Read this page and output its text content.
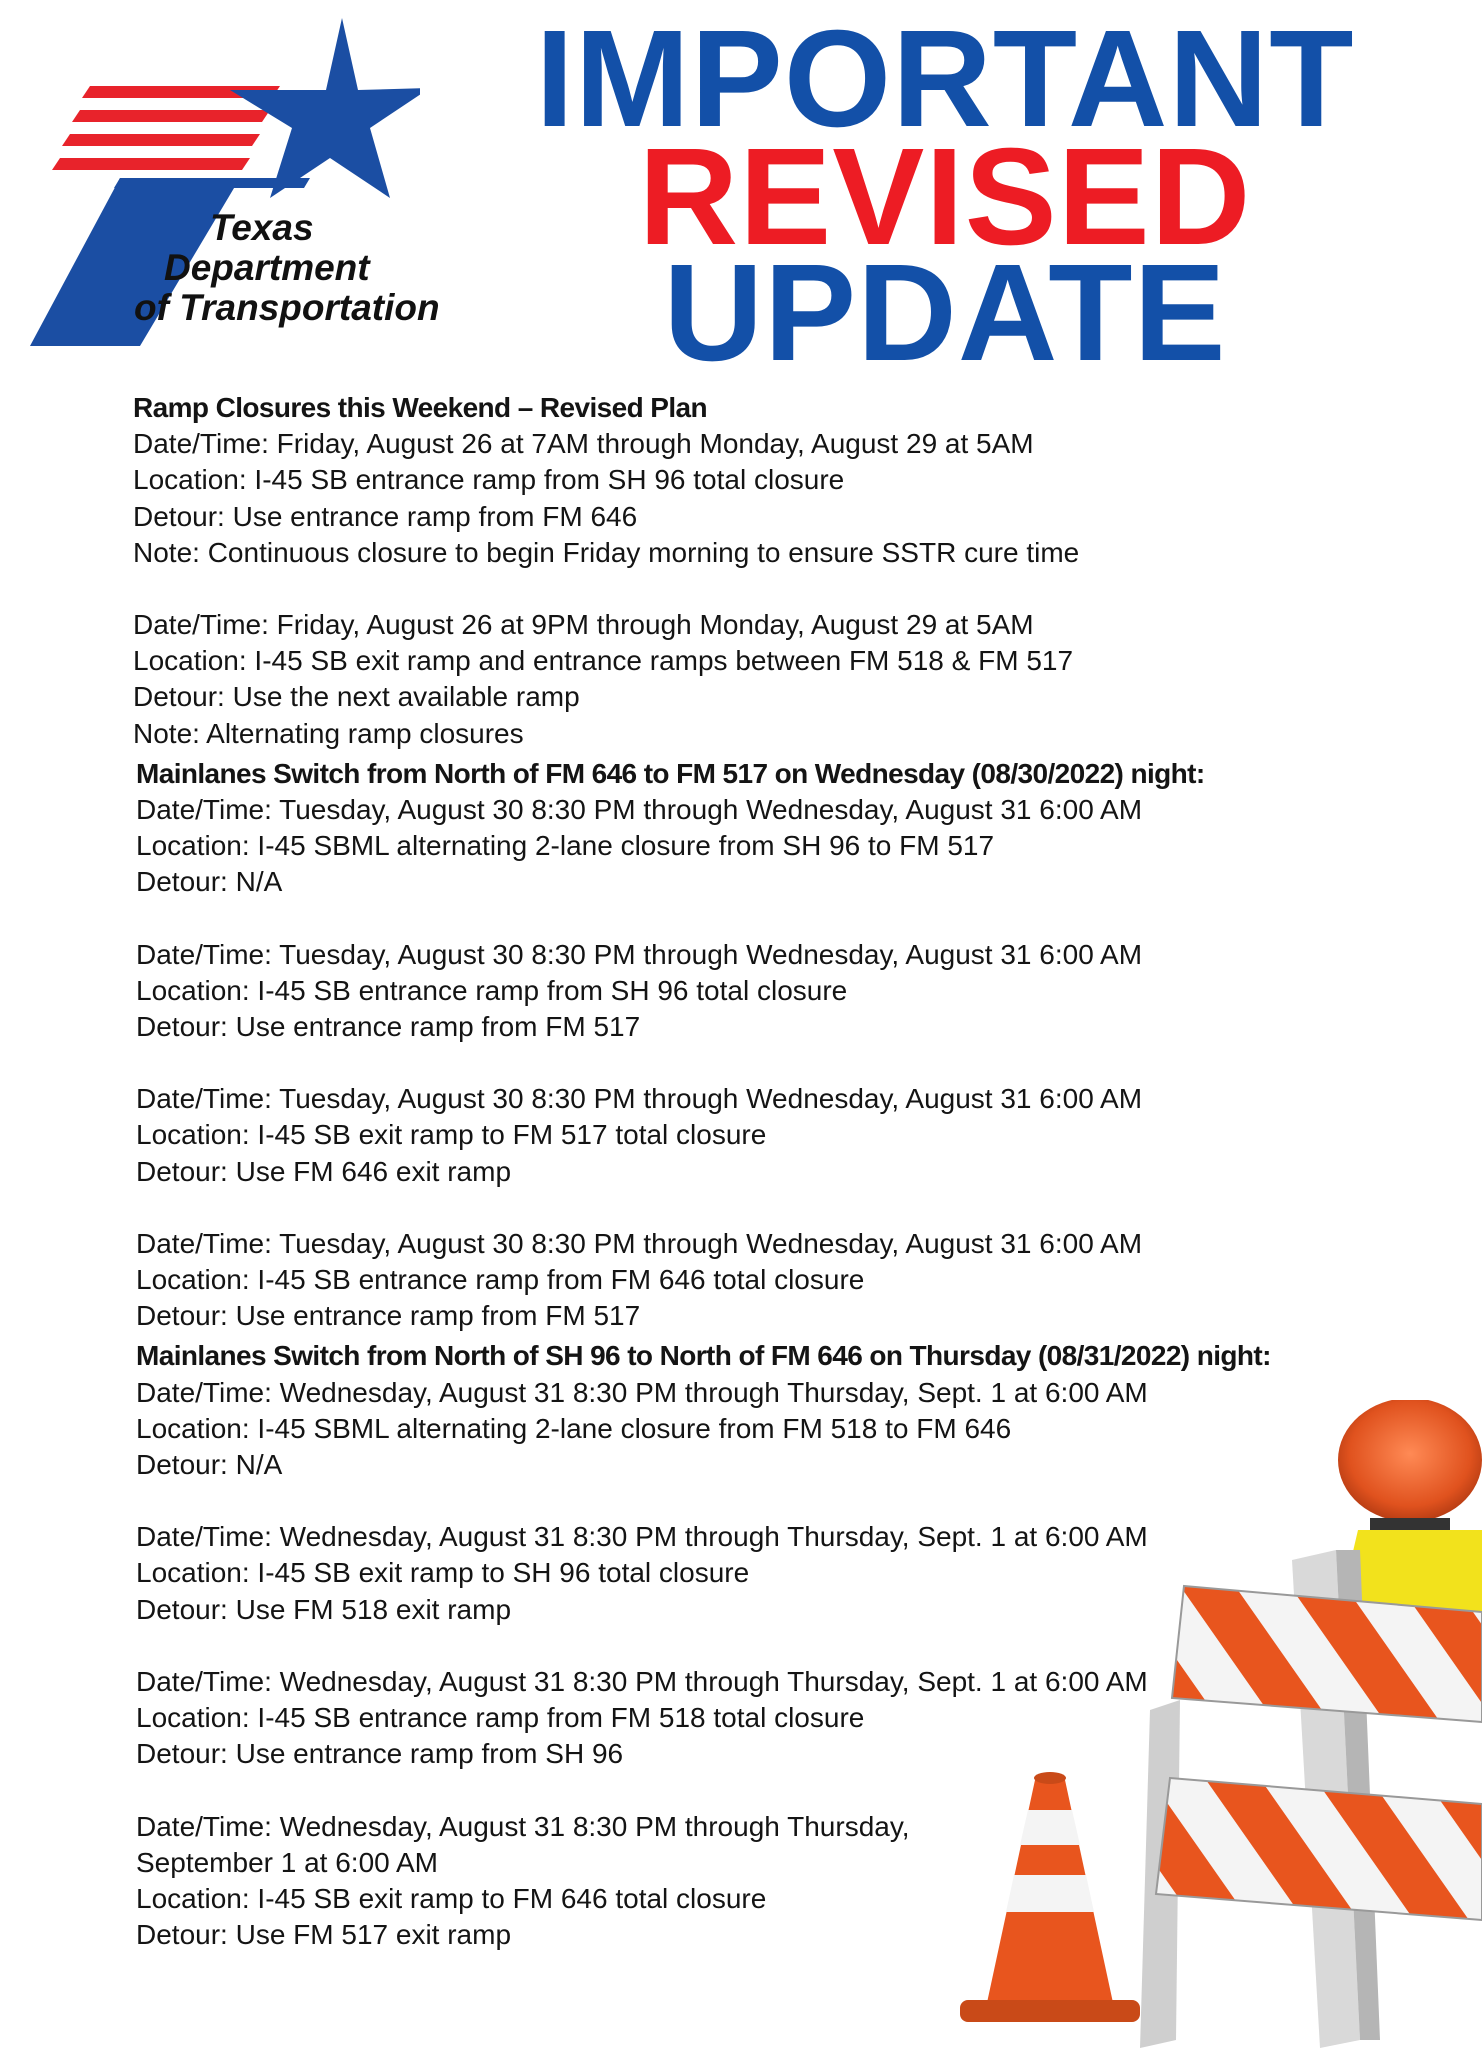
Texas
Department
of Transportation
IMPORTANT
REVISED
UPDATE
Ramp Closures this Weekend – Revised Plan
Date/Time: Friday, August 26 at 7AM through Monday, August 29 at 5AM
Location: I-45 SB entrance ramp from SH 96 total closure
Detour: Use entrance ramp from FM 646
Note: Continuous closure to begin Friday morning to ensure SSTR cure time
Date/Time: Friday, August 26 at 9PM through Monday, August 29 at 5AM
Location: I-45 SB exit ramp and entrance ramps between FM 518 & FM 517
Detour: Use the next available ramp
Note: Alternating ramp closures
Mainlanes Switch from North of FM 646 to FM 517 on Wednesday (08/30/2022) night:
Date/Time: Tuesday, August 30 8:30 PM through Wednesday, August 31 6:00 AM
Location: I-45 SBML alternating 2-lane closure from SH 96 to FM 517
Detour: N/A
Date/Time: Tuesday, August 30 8:30 PM through Wednesday, August 31 6:00 AM
Location: I-45 SB entrance ramp from SH 96 total closure
Detour: Use entrance ramp from FM 517
Date/Time: Tuesday, August 30 8:30 PM through Wednesday, August 31 6:00 AM
Location: I-45 SB exit ramp to FM 517 total closure
Detour: Use FM 646 exit ramp
Date/Time: Tuesday, August 30 8:30 PM through Wednesday, August 31 6:00 AM
Location: I-45 SB entrance ramp from FM 646 total closure
Detour: Use entrance ramp from FM 517
Mainlanes Switch from North of SH 96 to North of FM 646 on Thursday (08/31/2022) night:
Date/Time: Wednesday, August 31 8:30 PM through Thursday, Sept. 1 at 6:00 AM
Location: I-45 SBML alternating 2-lane closure from FM 518 to FM 646
Detour: N/A
Date/Time: Wednesday, August 31 8:30 PM through Thursday, Sept. 1 at 6:00 AM
Location: I-45 SB exit ramp to SH 96 total closure
Detour: Use FM 518 exit ramp
Date/Time: Wednesday, August 31 8:30 PM through Thursday, Sept. 1 at 6:00 AM
Location: I-45 SB entrance ramp from FM 518 total closure
Detour: Use entrance ramp from SH 96
Date/Time: Wednesday, August 31 8:30 PM through Thursday,
September 1 at 6:00 AM
Location: I-45 SB exit ramp to FM 646 total closure
Detour: Use FM 517 exit ramp
